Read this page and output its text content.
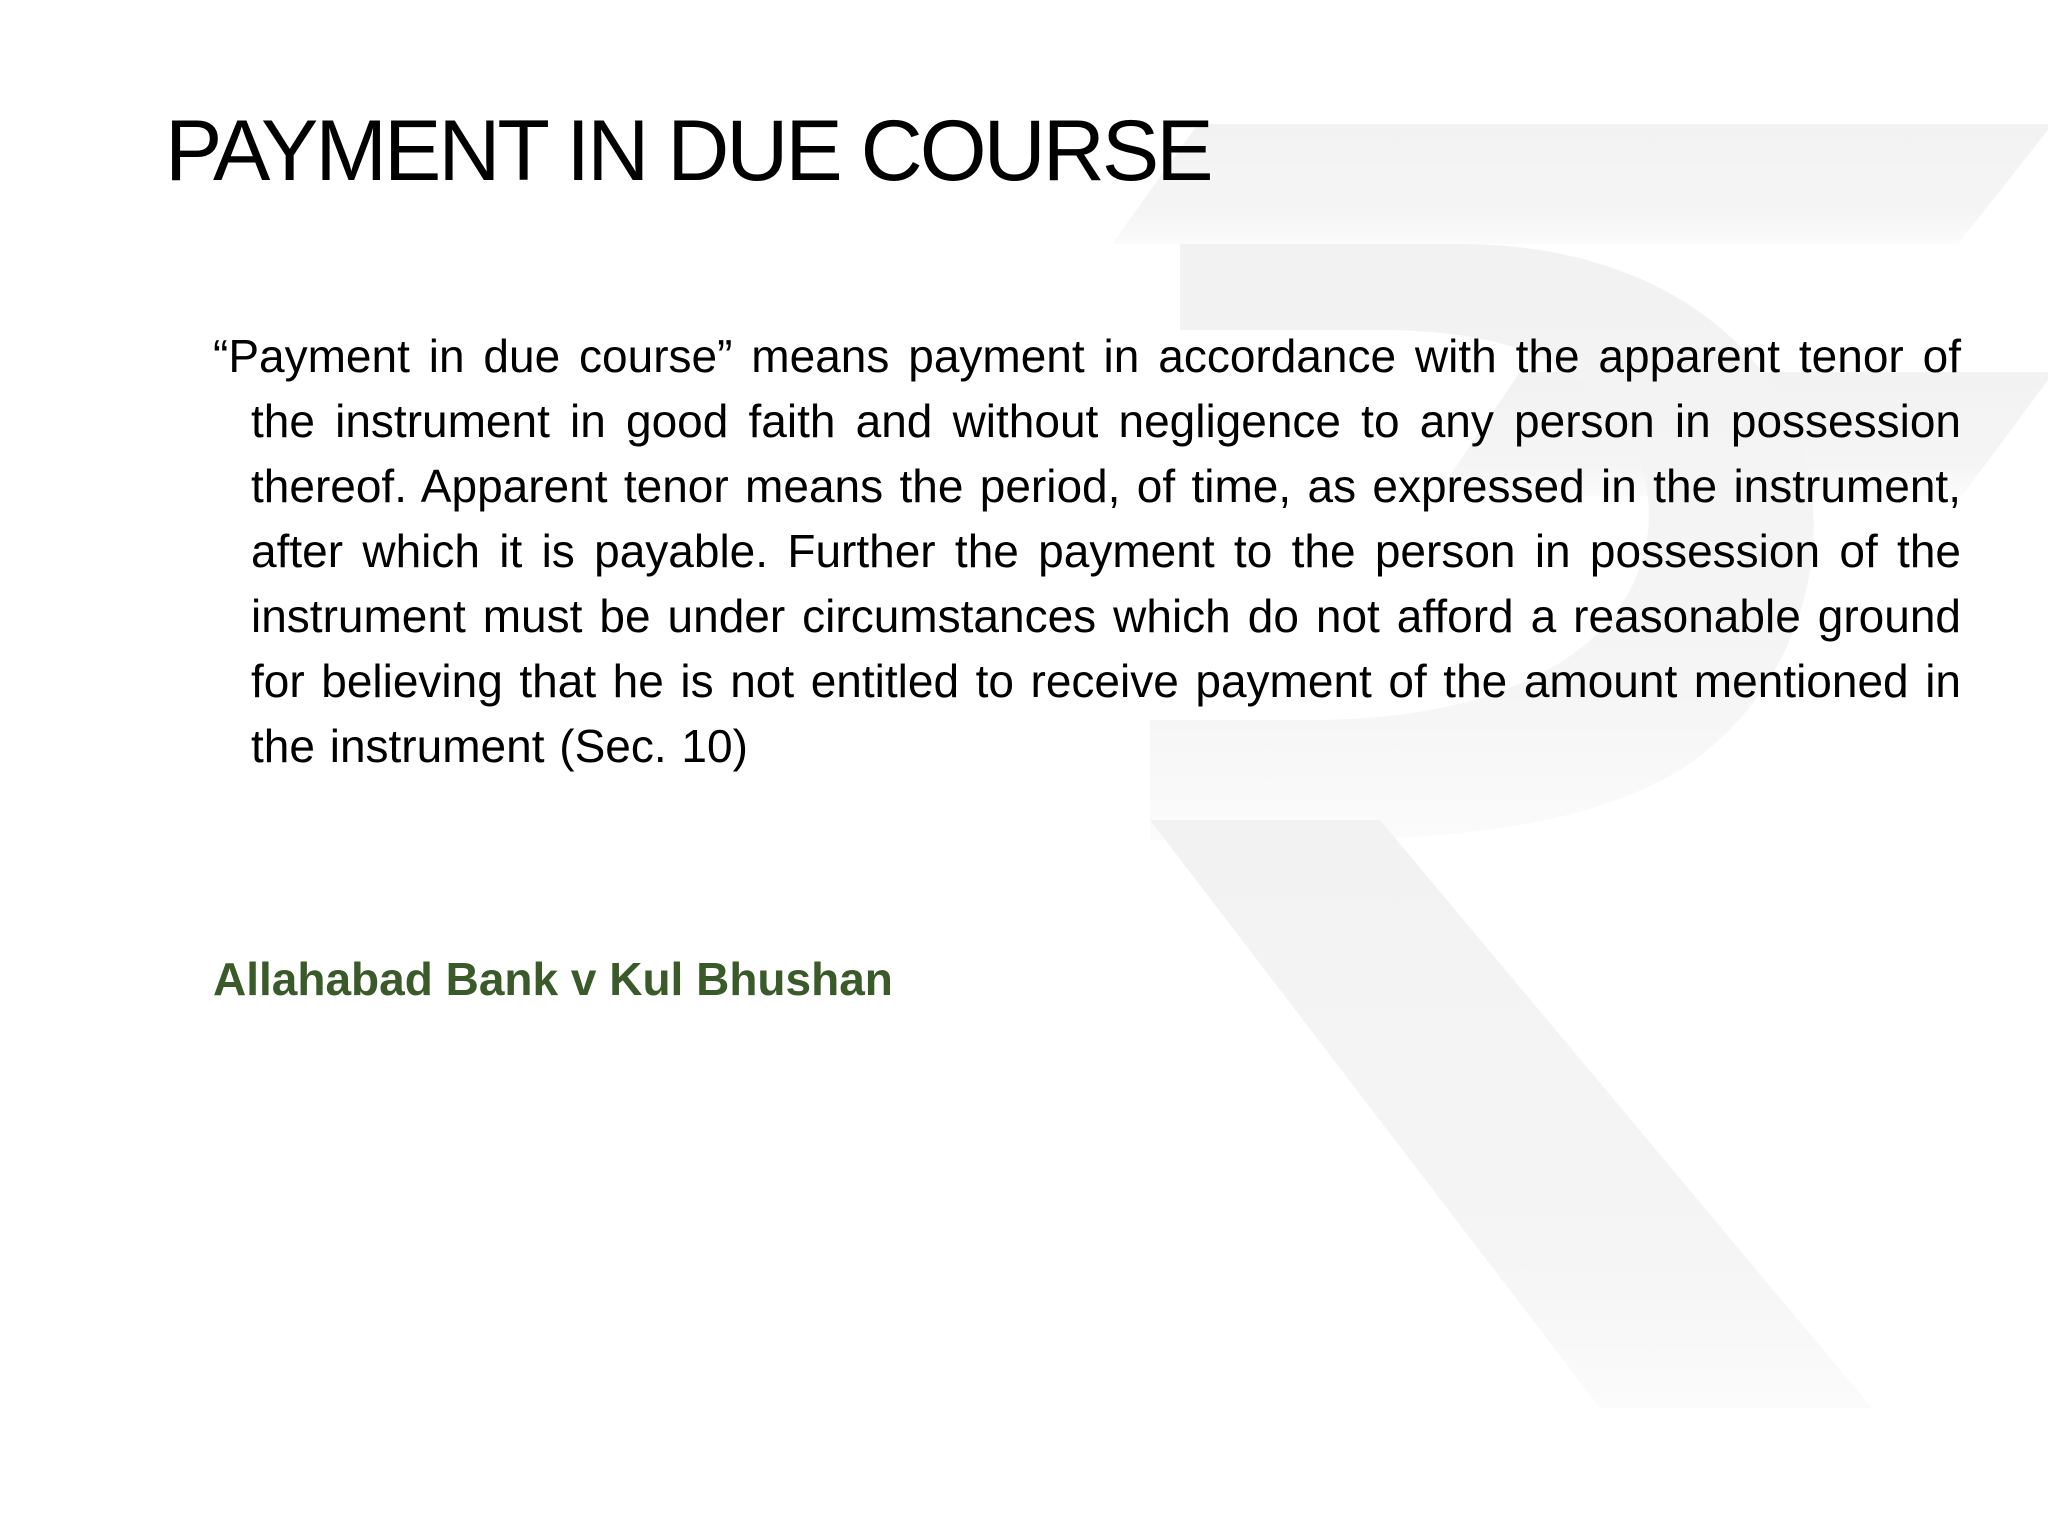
PAYMENT IN DUE COURSE

“Payment in due course” means payment in accordance with the apparent tenor of the instrument in good faith and without negligence to any person in possession thereof. Apparent tenor means the period, of time, as expressed in the instrument, after which it is payable. Further the payment to the person in possession of the instrument must be under circumstances which do not afford a reasonable ground for believing that he is not entitled to receive payment of the amount mentioned in the instrument (Sec. 10)

Allahabad Bank v Kul Bhushan
